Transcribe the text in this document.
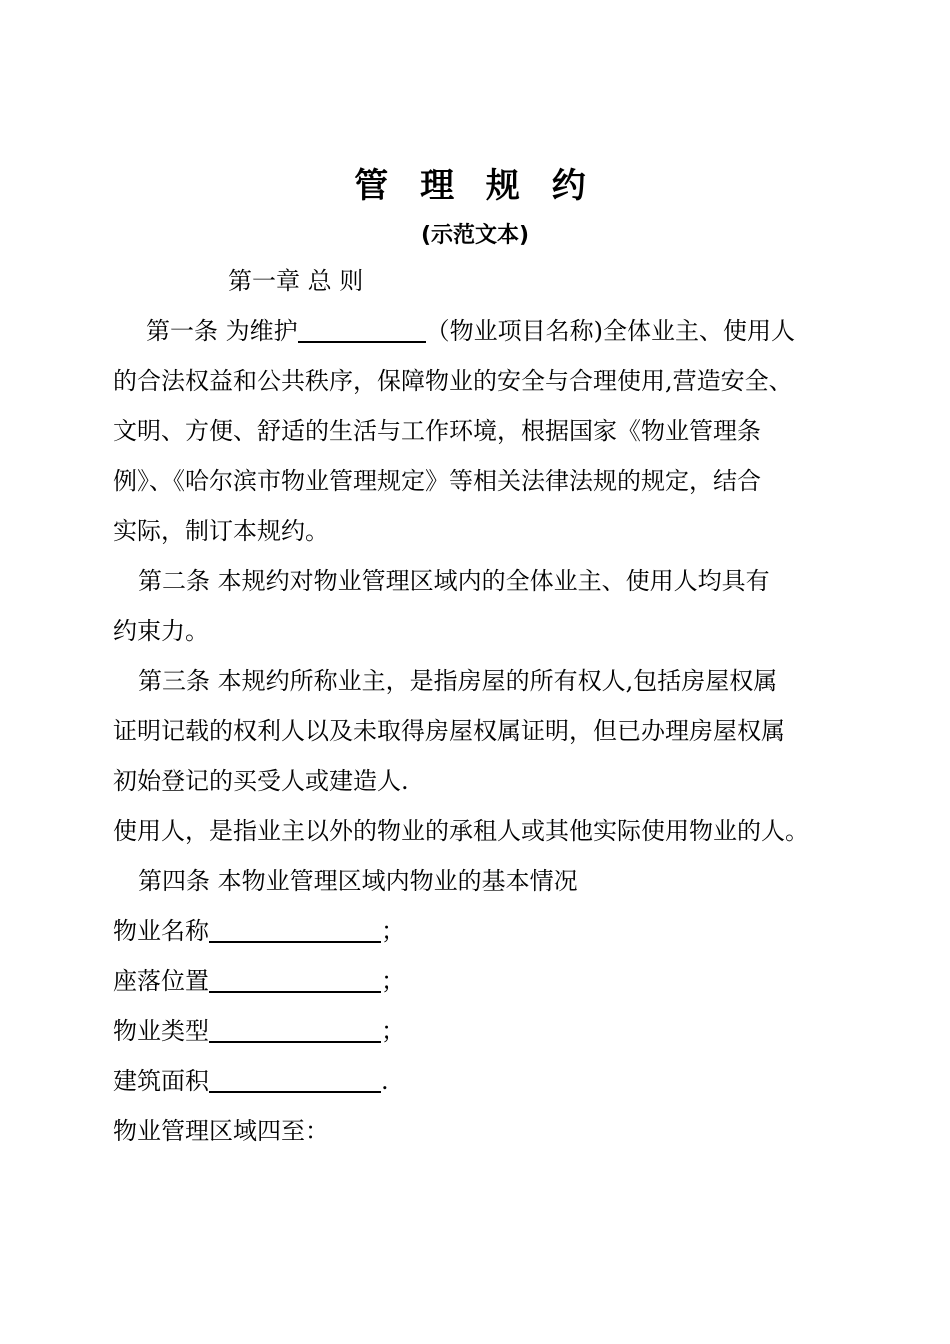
管 理 规 约
(示范文本)
第一章 总 则
第一条 为维护	（物业项目名称)全体业主、使用人
的合法权益和公共秩序，保障物业的安全与合理使用,营造安全、
文明、方便、舒适的生活与工作环境，根据国家《物业管理条
例》、《哈尔滨市物业管理规定》等相关法律法规的规定，结合
实际，制订本规约。
第二条 本规约对物业管理区域内的全体业主、使用人均具有
约束力。
第三条 本规约所称业主，是指房屋的所有权人,包括房屋权属
证明记载的权利人以及未取得房屋权属证明，但已办理房屋权属
初始登记的买受人或建造人.
使用人，是指业主以外的物业的承租人或其他实际使用物业的人。
第四条 本物业管理区域内物业的基本情况
物业名称	；
座落位置	；
物业类型	；
建筑面积	.
物业管理区域四至：
